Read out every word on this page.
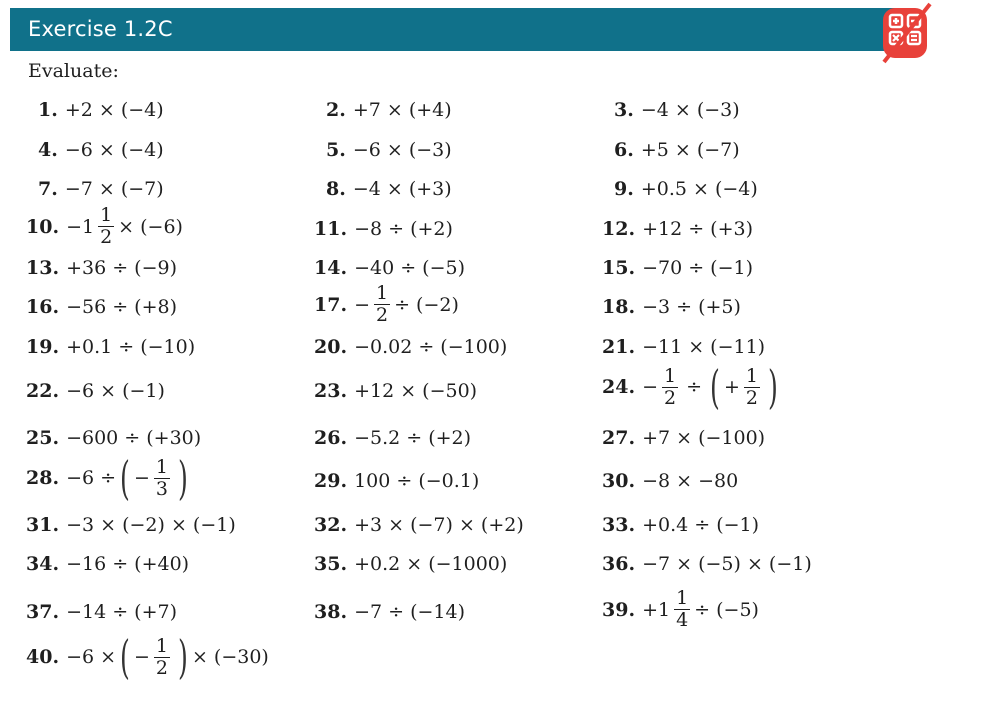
Exercise 1.2C
Evaluate:
1. +2 × (−4)	2. +7 × (+4)	3. −4 × (−3)
4. −6 × (−4)	5. −6 × (−3)	6. +5 × (−7)
7. −7 × (−7)	8. −4 × (+3)	9. +0.5 × (−4)
10. $-1 \frac{1}{2} \times (-6)$	11. −8 ÷ (+2)	12. +12 ÷ (+3)
13. +36 ÷ (−9)	14. −40 ÷ (−5)	15. −70 ÷ (−1)
16. −56 ÷ (+8)	17. − $\frac{1}{2} \div (-2)$	18. −3 ÷ (+5)
19. +0.1 ÷ (−10)	20. −0.02 ÷ (−100)	21. −11 × (−11)
22. −6 × (−1)	23. +12 × (−50)	24. − $\frac{1}{2}$ ÷ ( + $\frac{1}{2}$ )
25. −600 ÷ (+30)	26. −5.2 ÷ (+2)	27. +7 × (−100)
28. −6 ÷ ( − $\frac{1}{3}$ )	29. 100 ÷ (−0.1)	30. −8 × −80
31. −3 × (−2) × (−1)	32. +3 × (−7) × (+2)	33. +0.4 ÷ (−1)
34. −16 ÷ (+40)	35. +0.2 × (−1000)	36. −7 × (−5) × (−1)
37. −14 ÷ (+7)	38. −7 ÷ (−14)	39. $+1 \frac{1}{4} \div (-5)$
40. −6 × ( − $\frac{1}{2}$ ) × (−30)
